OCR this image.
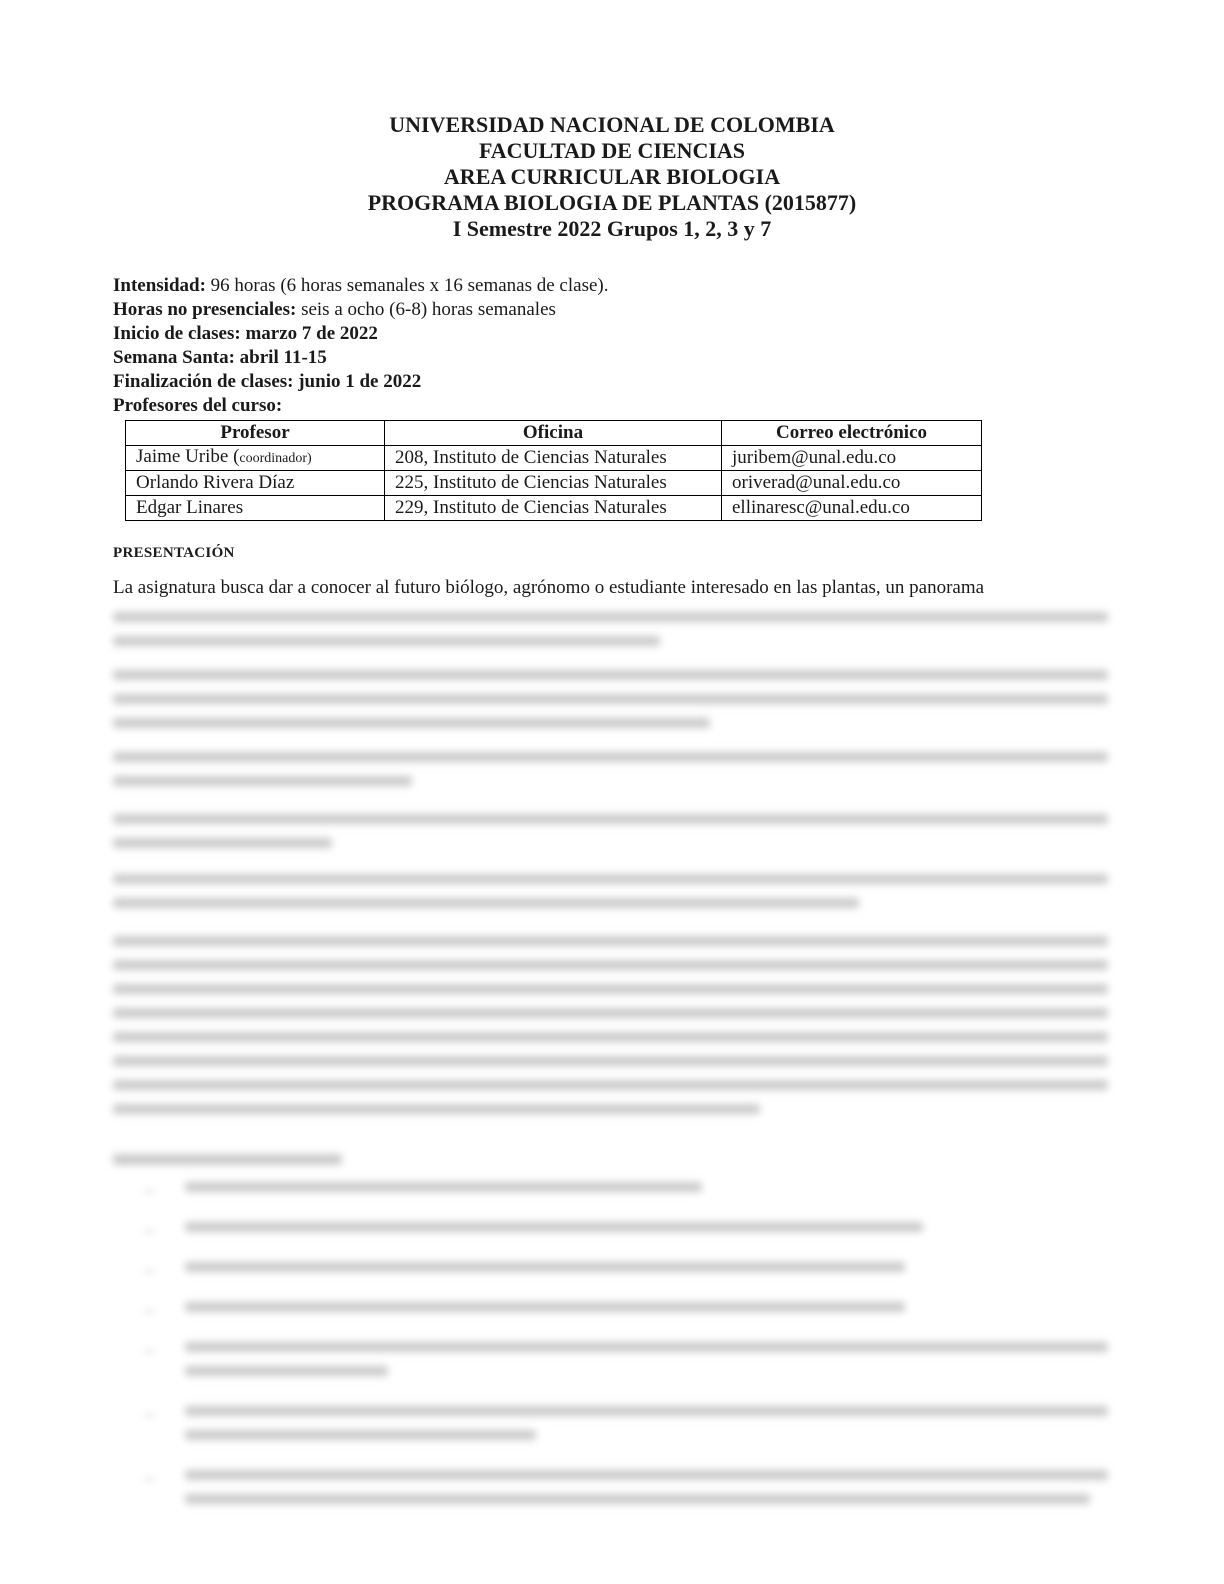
UNIVERSIDAD NACIONAL DE COLOMBIA
FACULTAD DE CIENCIAS
AREA CURRICULAR BIOLOGIA
PROGRAMA BIOLOGIA DE PLANTAS (2015877)
I Semestre 2022 Grupos 1, 2, 3 y 7
Intensidad: 96 horas (6 horas semanales x 16 semanas de clase).
Horas no presenciales: seis a ocho (6-8) horas semanales
Inicio de clases: marzo 7 de 2022
Semana Santa: abril 11-15
Finalización de clases: junio 1 de 2022
Profesores del curso:
Profesor	Oficina	Correo electrónico
Jaime Uribe (coordinador)	208, Instituto de Ciencias Naturales	juribem@unal.edu.co
Orlando Rivera Díaz	225, Instituto de Ciencias Naturales	oriverad@unal.edu.co
Edgar Linares	229, Instituto de Ciencias Naturales	ellinaresc@unal.edu.co
PRESENTACIÓN
La asignatura busca dar a conocer al futuro biólogo, agrónomo o estudiante interesado en las plantas, un panorama
–
–
–
–
–
–
–
